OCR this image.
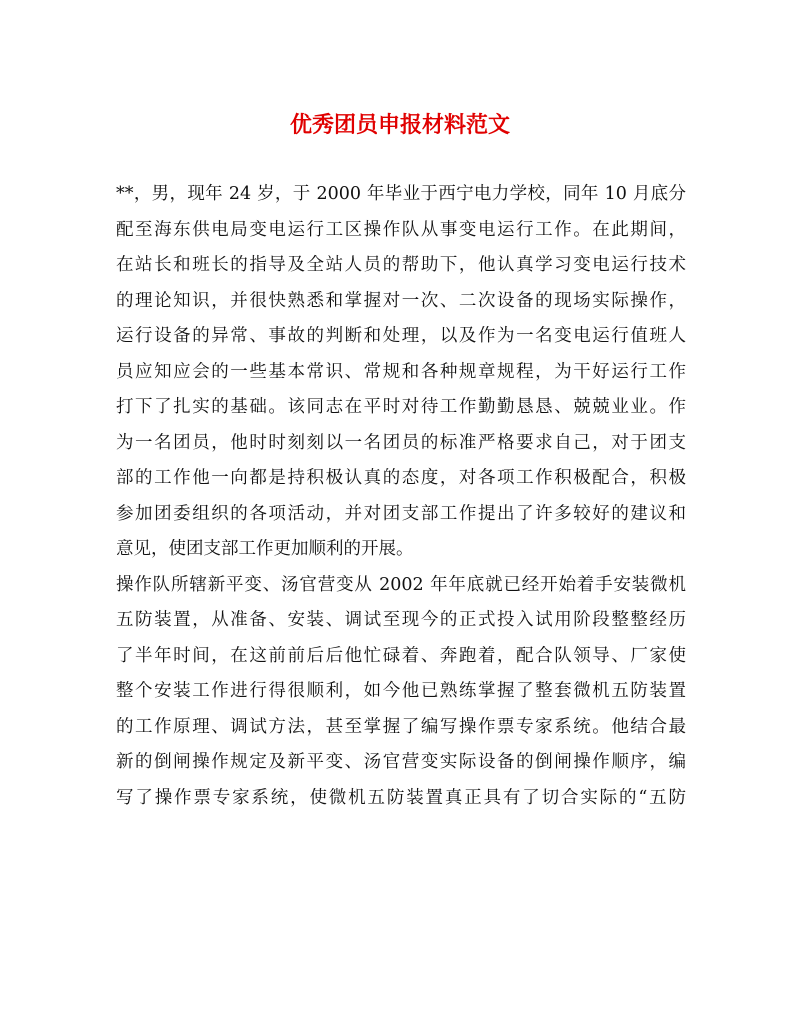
优秀团员申报材料范文
**，男，现年 24 岁，于 2000 年毕业于西宁电力学校，同年 10 月底分
配至海东供电局变电运行工区操作队从事变电运行工作。在此期间，
在站长和班长的指导及全站人员的帮助下，他认真学习变电运行技术
的理论知识，并很快熟悉和掌握对一次、二次设备的现场实际操作，
运行设备的异常、事故的判断和处理，以及作为一名变电运行值班人
员应知应会的一些基本常识、常规和各种规章规程，为干好运行工作
打下了扎实的基础。该同志在平时对待工作勤勤恳恳、兢兢业业。作
为一名团员，他时时刻刻以一名团员的标准严格要求自己，对于团支
部的工作他一向都是持积极认真的态度，对各项工作积极配合，积极
参加团委组织的各项活动，并对团支部工作提出了许多较好的建议和
意见，使团支部工作更加顺利的开展。
操作队所辖新平变、汤官营变从 2002 年年底就已经开始着手安装微机
五防装置，从准备、安装、调试至现今的正式投入试用阶段整整经历
了半年时间，在这前前后后他忙碌着、奔跑着，配合队领导、厂家使
整个安装工作进行得很顺利，如今他已熟练掌握了整套微机五防装置
的工作原理、调试方法，甚至掌握了编写操作票专家系统。他结合最
新的倒闸操作规定及新平变、汤官营变实际设备的倒闸操作顺序，编
写了操作票专家系统，使微机五防装置真正具有了切合实际的“五防
